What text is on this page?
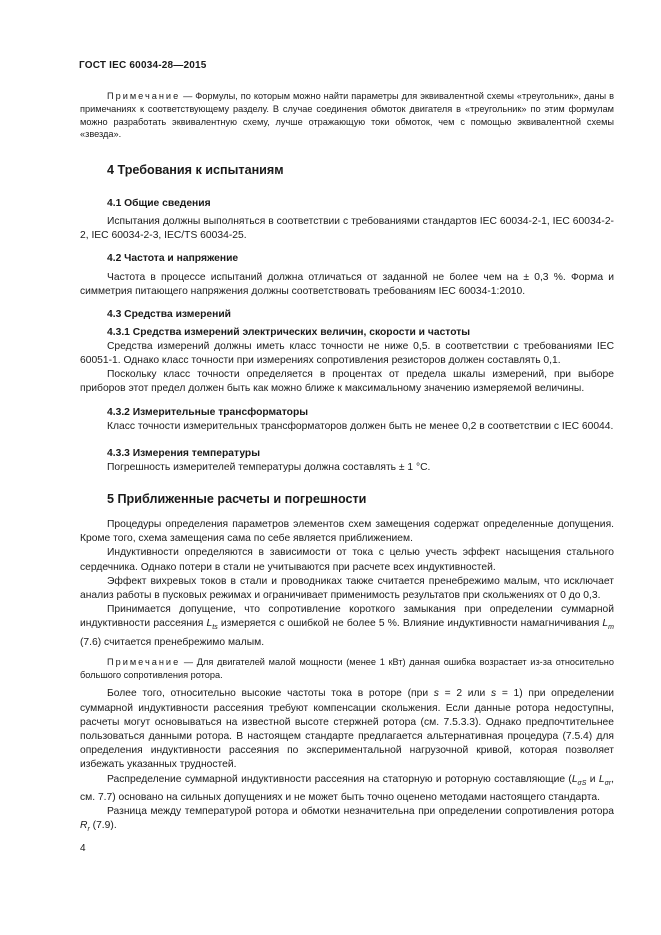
ГОСТ IEC 60034-28—2015
Примечание — Формулы, по которым можно найти параметры для эквивалентной схемы «треугольник», даны в примечаниях к соответствующему разделу. В случае соединения обмоток двигателя в «треугольник» по этим формулам можно разработать эквивалентную схему, лучше отражающую токи обмоток, чем с помощью эквивалентной схемы «звезда».
4 Требования к испытаниям
4.1 Общие сведения
Испытания должны выполняться в соответствии с требованиями стандартов IEC 60034-2-1, IEC 60034-2-2, IEC 60034-2-3, IEC/TS 60034-25.
4.2 Частота и напряжение
Частота в процессе испытаний должна отличаться от заданной не более чем на ± 0,3 %. Форма и симметрия питающего напряжения должны соответствовать требованиям IEC 60034-1:2010.
4.3 Средства измерений
4.3.1 Средства измерений электрических величин, скорости и частоты
Средства измерений должны иметь класс точности не ниже 0,5. в соответствии с требованиями IEC 60051-1. Однако класс точности при измерениях сопротивления резисторов должен составлять 0,1.
Поскольку класс точности определяется в процентах от предела шкалы измерений, при выборе приборов этот предел должен быть как можно ближе к максимальному значению измеряемой величины.
4.3.2 Измерительные трансформаторы
Класс точности измерительных трансформаторов должен быть не менее 0,2 в соответствии с IEC 60044.
4.3.3 Измерения температуры
Погрешность измерителей температуры должна составлять ± 1 °С.
5 Приближенные расчеты и погрешности

Процедуры определения параметров элементов схем замещения содержат определенные допущения. Кроме того, схема замещения сама по себе является приближением.

Индуктивности определяются в зависимости от тока с целью учесть эффект насыщения стального сердечника. Однако потери в стали не учитываются при расчете всех индуктивностей.

Эффект вихревых токов в стали и проводниках также считается пренебрежимо малым, что исключает анализ работы в пусковых режимах и ограничивает применимость результатов при скольжениях от 0 до 0,3.

Принимается допущение, что сопротивление короткого замыкания при определении суммарной индуктивности рассеяния $L_{ts}$ измеряется с ошибкой не более 5 %. Влияние индуктивности намагничивания $L_m$ (7.6) считается пренебрежимо малым.

Примечание — Для двигателей малой мощности (менее 1 кВт) данная ошибка возрастает из-за относительно большого сопротивления ротора.

Более того, относительно высокие частоты тока в роторе (при s = 2 или s = 1) при определении суммарной индуктивности рассеяния требуют компенсации скольжения. Если данные ротора недоступны, расчеты могут основываться на известной высоте стержней ротора (см. 7.5.3.3). Однако предпочтительнее пользоваться данными ротора. В настоящем стандарте предлагается альтернативная процедура (7.5.4) для определения индуктивности рассеяния по экспериментальной нагрузочной кривой, которая позволяет избежать указанных трудностей.

Распределение суммарной индуктивности рассеяния на статорную и роторную составляющие ($L_{\sigma S}$ и $L_{\sigma r}$, см. 7.7) основано на сильных допущениях и не может быть точно оценено методами настоящего стандарта.

Разница между температурой ротора и обмотки незначительна при определении сопротивления ротора $R_r$ (7.9).

4
